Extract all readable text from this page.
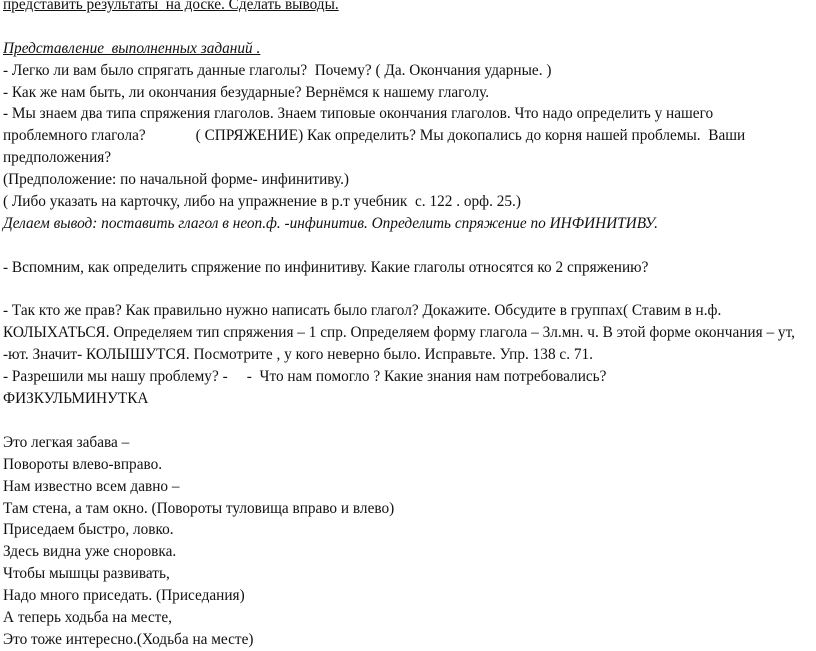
представить результаты  на доске. Сделать выводы.
Представление  выполненных заданий .
- Легко ли вам было спрягать данные глаголы?  Почему? ( Да. Окончания ударные. )
- Как же нам быть, ли окончания безударные? Вернёмся к нашему глаголу.
- Мы знаем два типа спряжения глаголов. Знаем типовые окончания глаголов. Что надо определить у нашего
проблемного глагола?	( СПРЯЖЕНИЕ) Как определить? Мы докопались до корня нашей проблемы.  Ваши
предположения?
(Предположение: по начальной форме- инфинитиву.)
( Либо указать на карточку, либо на упражнение в р.т учебник  с. 122 . орф. 25.)
Делаем вывод: поставить глагол в неоп.ф. -инфинитив. Определить спряжение по ИНФИНИТИВУ.
- Вспомним, как определить спряжение по инфинитиву. Какие глаголы относятся ко 2 спряжению?
- Так кто же прав? Как правильно нужно написать было глагол? Докажите. Обсудите в группах( Ставим в н.ф. КОЛЫХАТЬСЯ. Определяем тип спряжения – 1 спр. Определяем форму глагола – 3л.мн. ч. В этой форме окончания – ут, -ют. Значит- КОЛЫШУТСЯ. Посмотрите , у кого неверно было. Исправьте. Упр. 138 с. 71.
- Разрешили мы нашу проблему? -     -  Что нам помогло ? Какие знания нам потребовались?
ФИЗКУЛЬМИНУТКА
Это легкая забава –
Повороты влево-вправо.
Нам известно всем давно –
Там стена, а там окно. (Повороты туловища вправо и влево)
Приседаем быстро, ловко.
Здесь видна уже сноровка.
Чтобы мышцы развивать,
Надо много приседать. (Приседания)
А теперь ходьба на месте,
Это тоже интересно.(Ходьба на месте)
